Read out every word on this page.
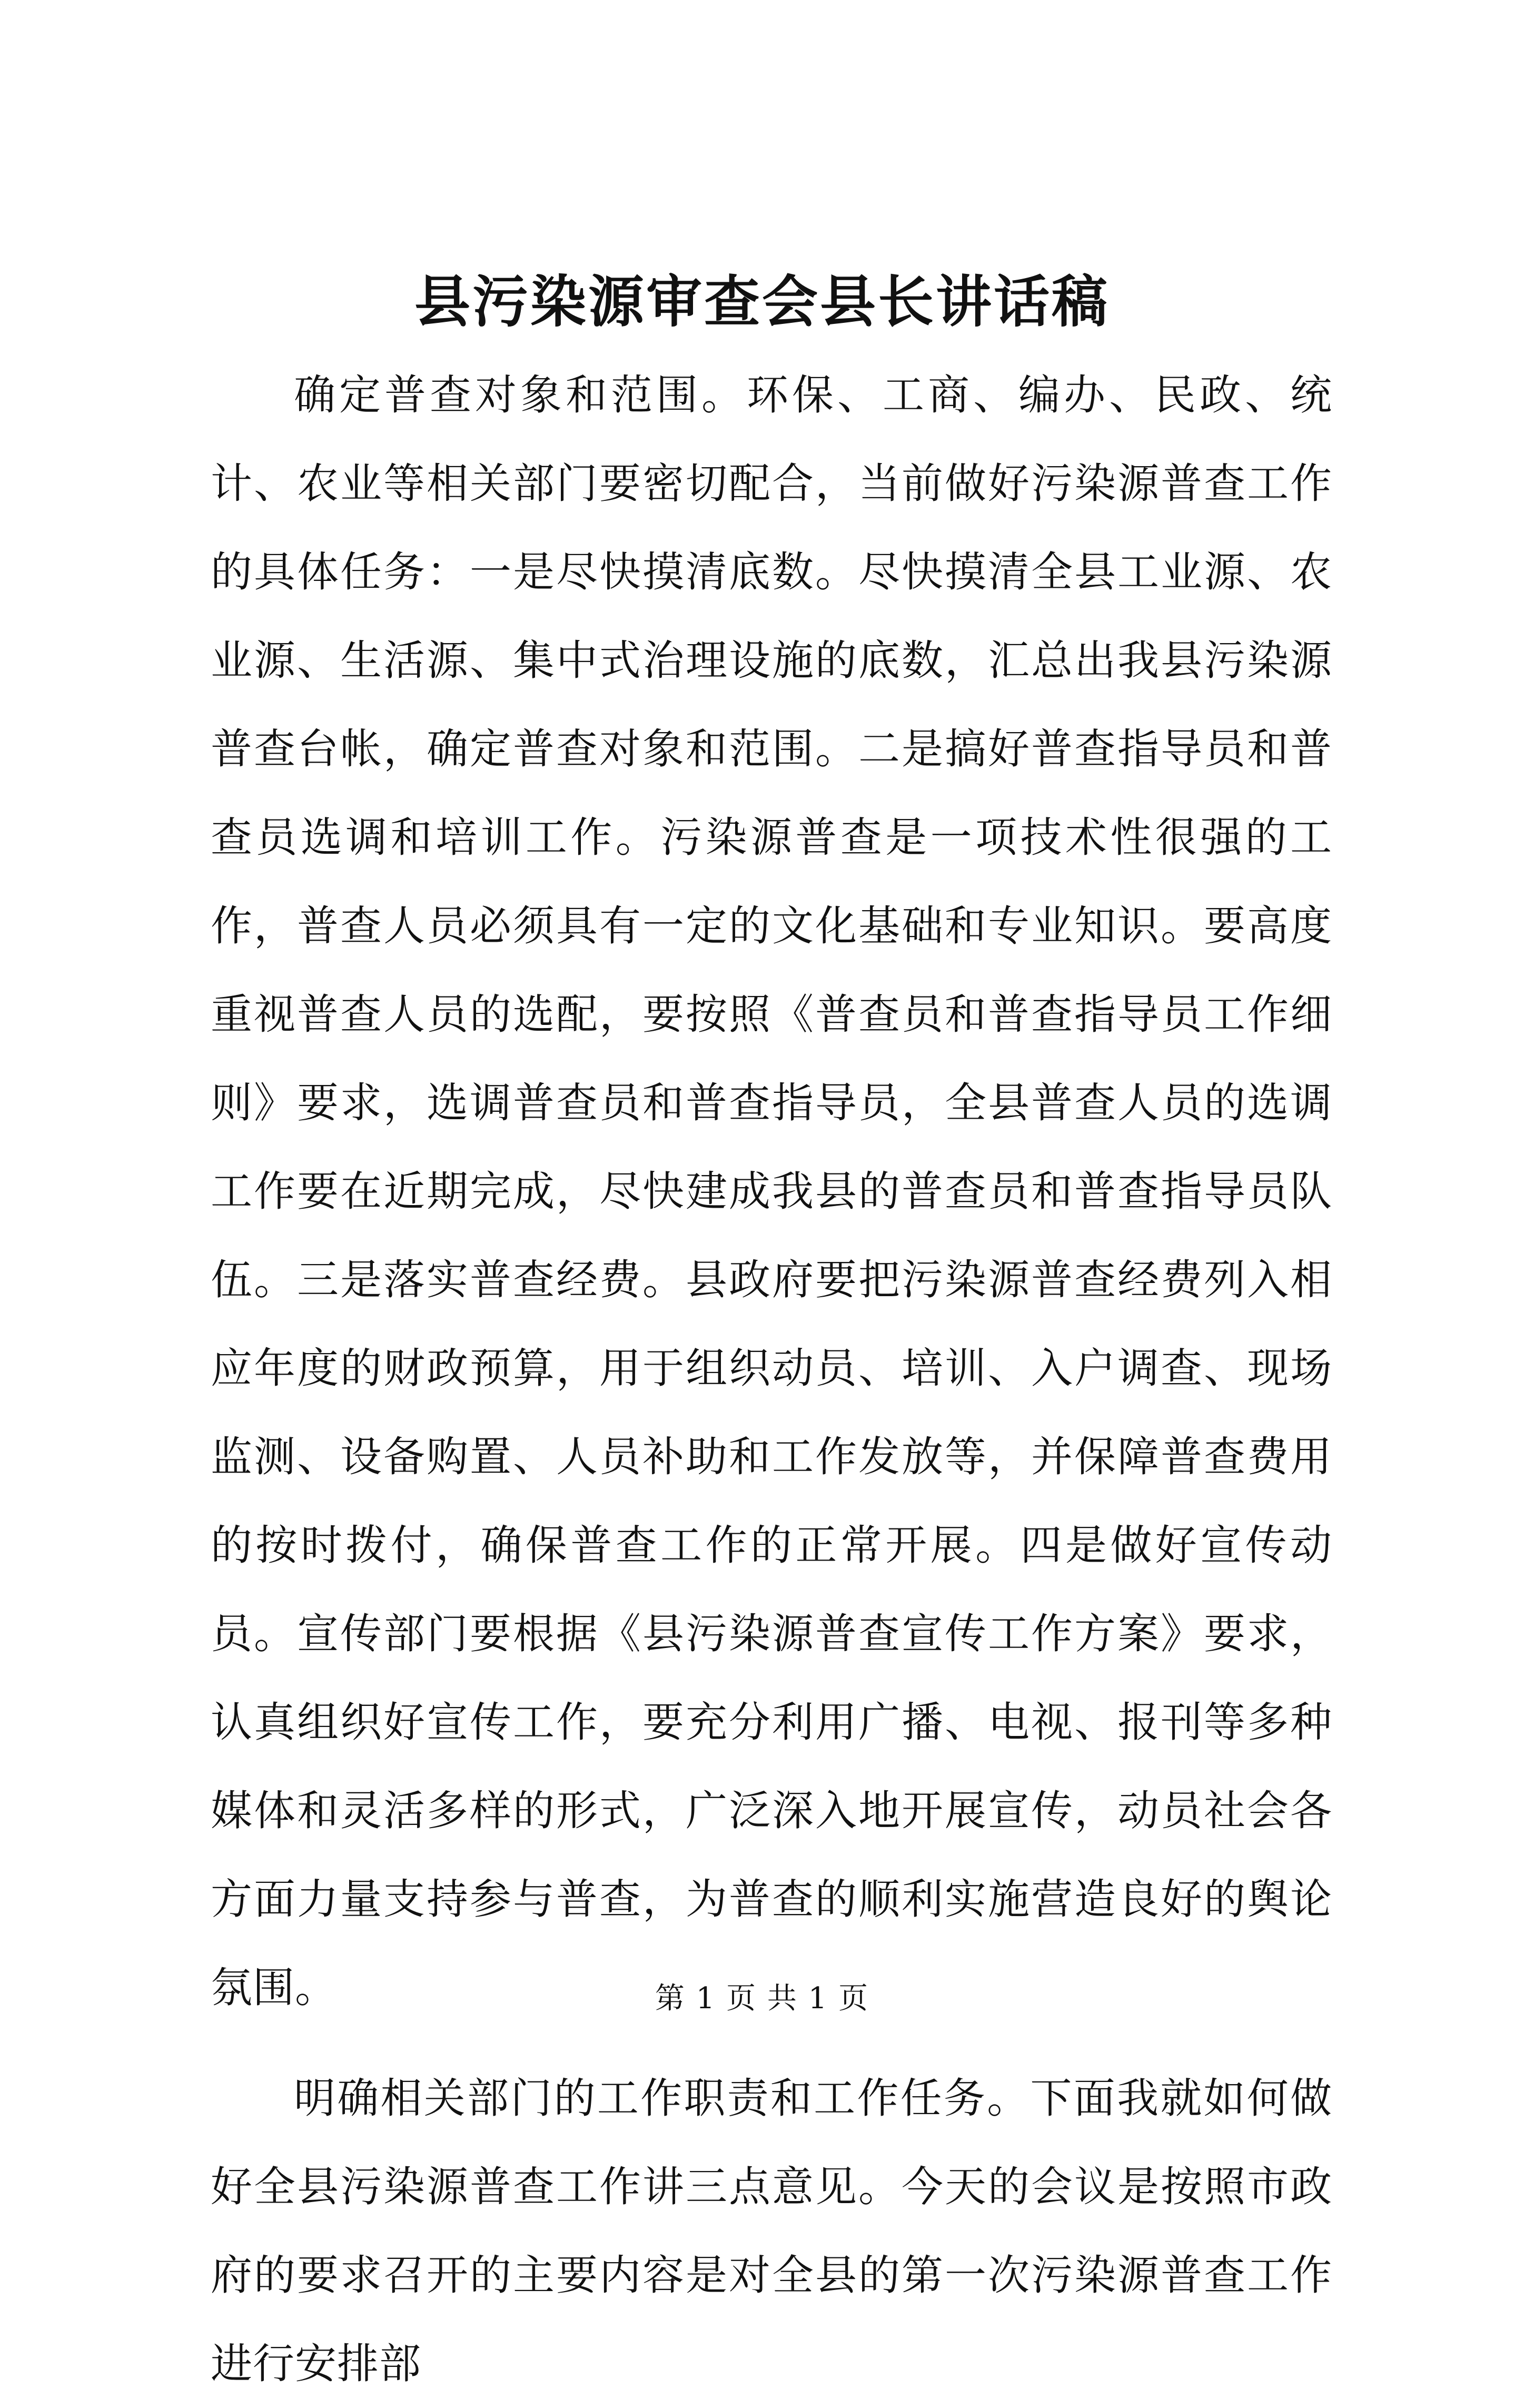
县污染源审查会县长讲话稿

确定普查对象和范围。环保、工商、编办、民政、统计、农业等相关部门要密切配合，当前做好污染源普查工作的具体任务：一是尽快摸清底数。尽快摸清全县工业源、农业源、生活源、集中式治理设施的底数，汇总出我县污染源普查台帐，确定普查对象和范围。二是搞好普查指导员和普查员选调和培训工作。污染源普查是一项技术性很强的工作，普查人员必须具有一定的文化基础和专业知识。要高度重视普查人员的选配，要按照《普查员和普查指导员工作细则》要求，选调普查员和普查指导员，全县普查人员的选调工作要在近期完成，尽快建成我县的普查员和普查指导员队伍。三是落实普查经费。县政府要把污染源普查经费列入相应年度的财政预算，用于组织动员、培训、入户调查、现场监测、设备购置、人员补助和工作发放等，并保障普查费用的按时拨付，确保普查工作的正常开展。四是做好宣传动员。宣传部门要根据《县污染源普查宣传工作方案》要求，认真组织好宣传工作，要充分利用广播、电视、报刊等多种媒体和灵活多样的形式，广泛深入地开展宣传，动员社会各方面力量支持参与普查，为普查的顺利实施营造良好的舆论氛围。

明确相关部门的工作职责和工作任务。下面我就如何做好全县污染源普查工作讲三点意见。今天的会议是按照市政府的要求召开的主要内容是对全县的第一次污染源普查工作进行安排部

第 1 页 共 1 页
